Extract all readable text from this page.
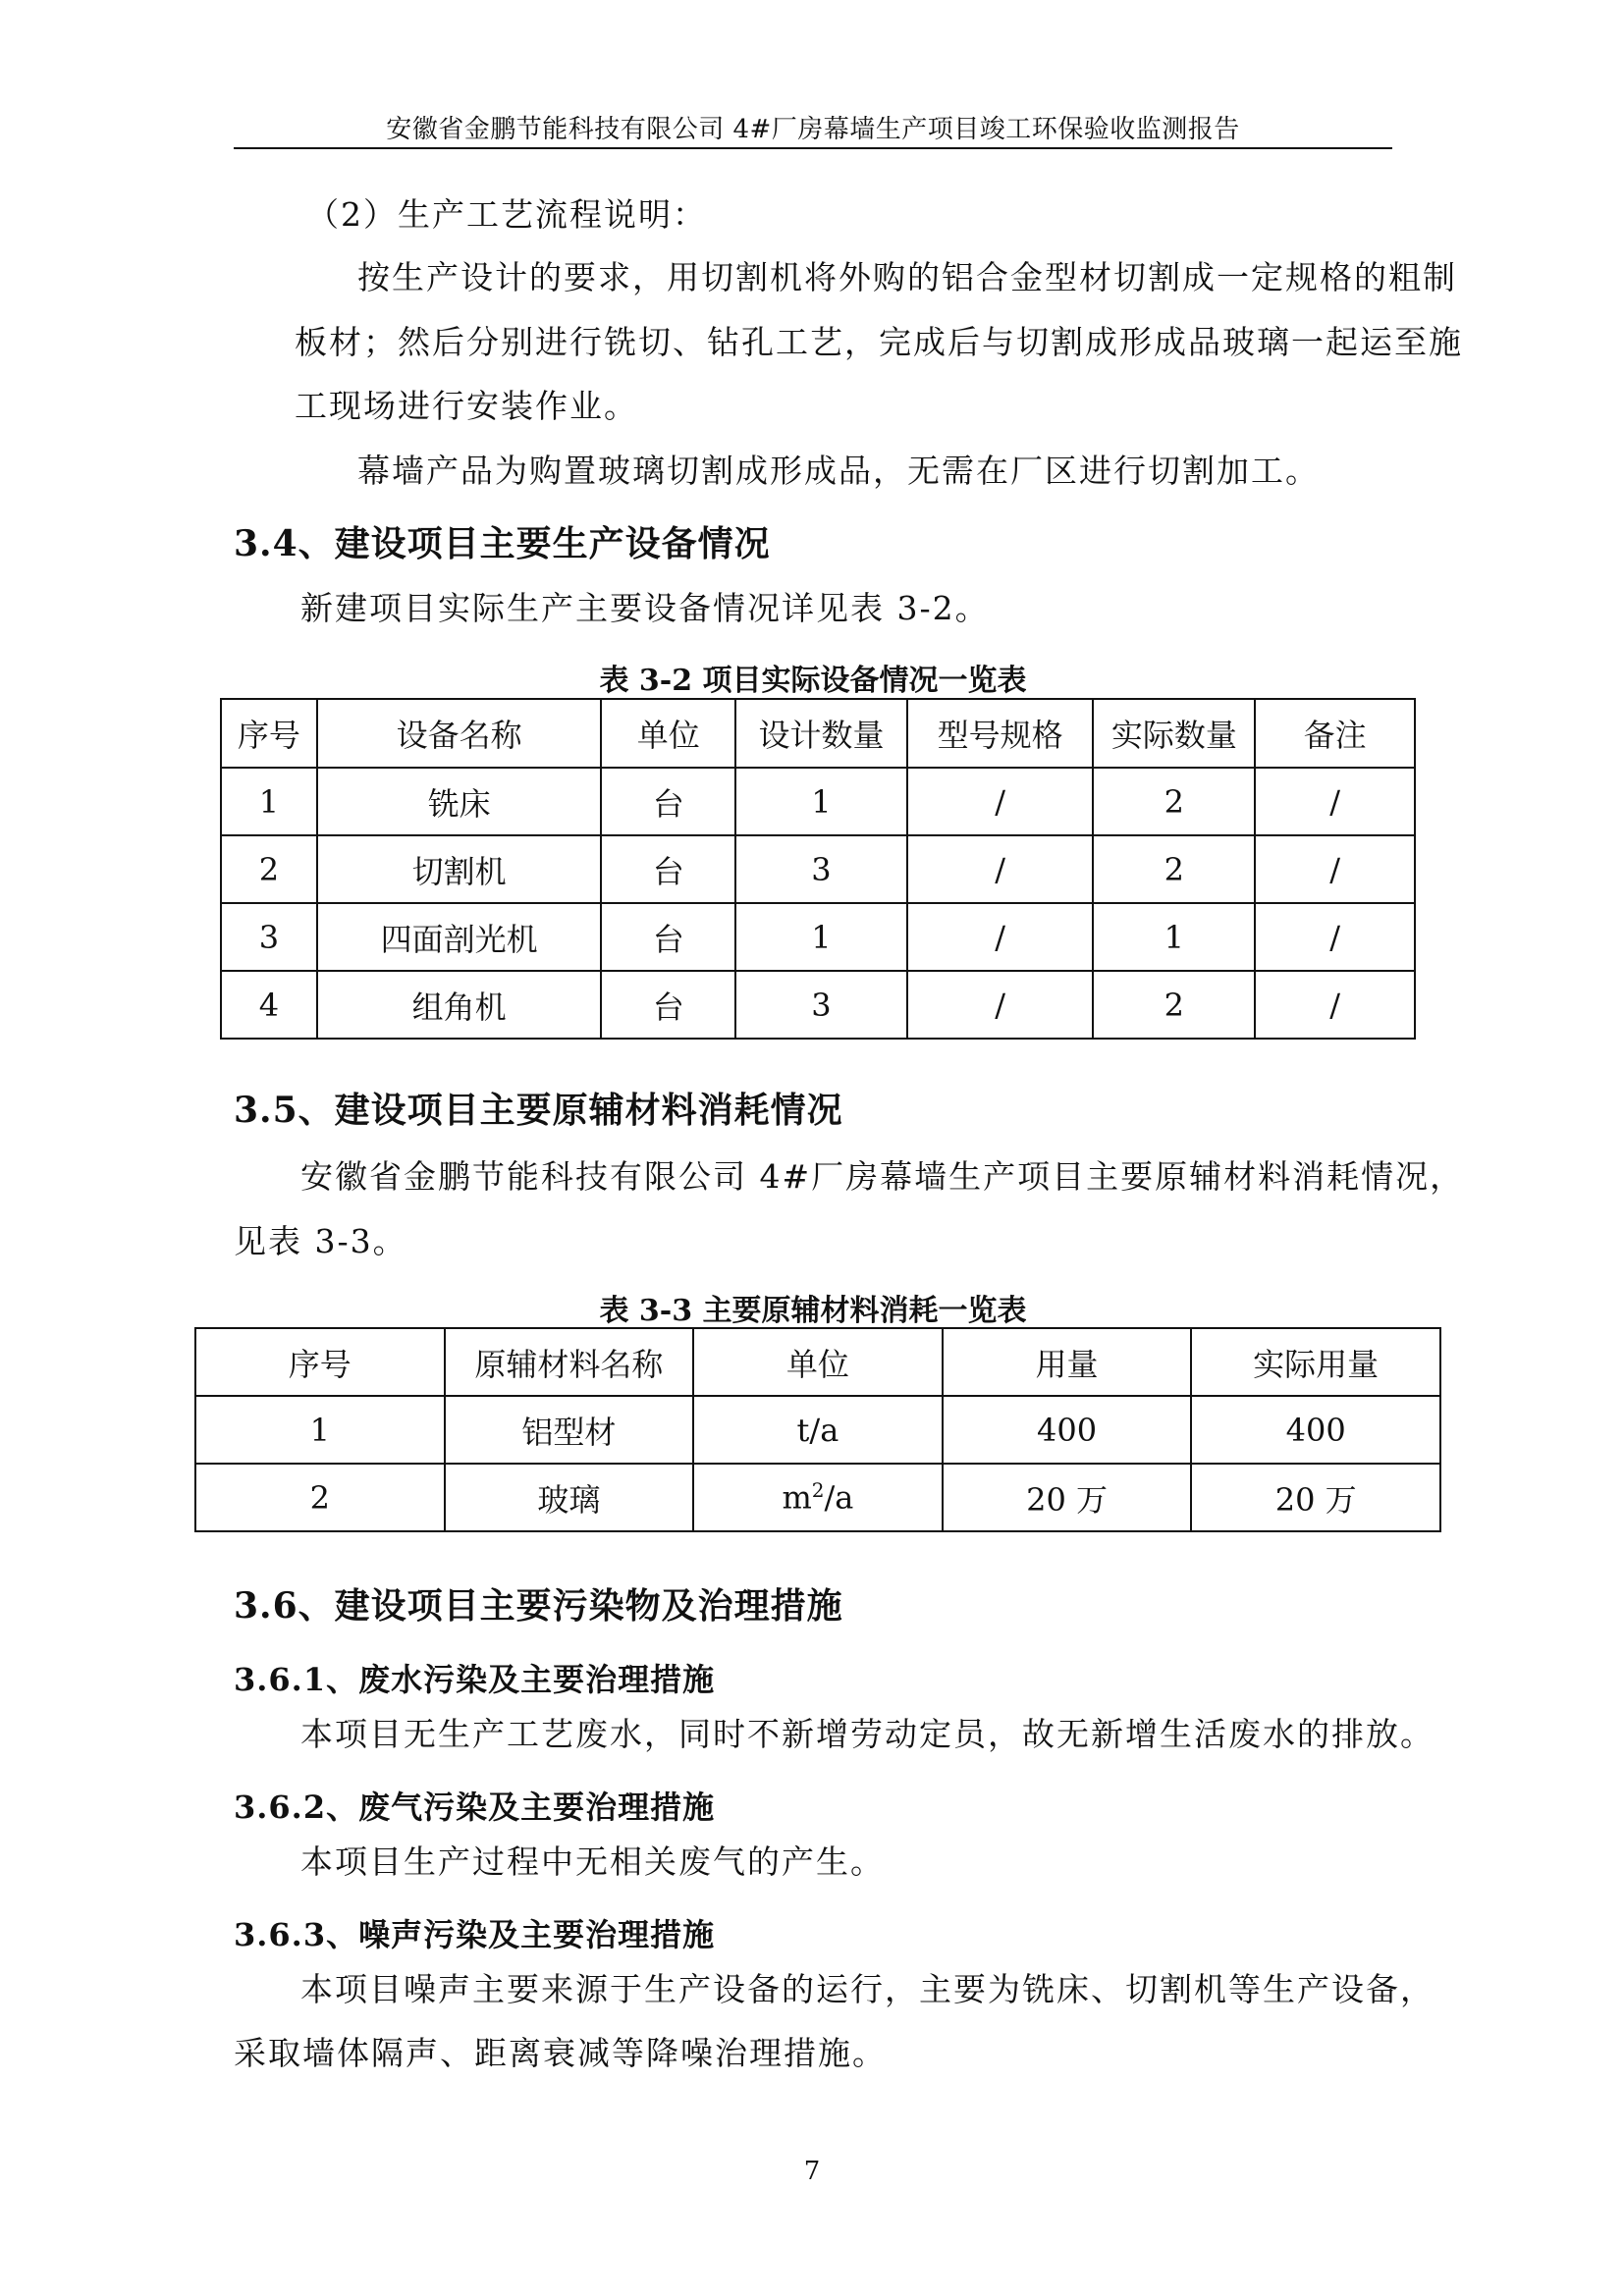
安徽省金鹏节能科技有限公司 4#厂房幕墙生产项目竣工环保验收监测报告
（2）生产工艺流程说明：
按生产设计的要求，用切割机将外购的铝合金型材切割成一定规格的粗制
板材；然后分别进行铣切、钻孔工艺，完成后与切割成形成品玻璃一起运至施
工现场进行安装作业。
幕墙产品为购置玻璃切割成形成品，无需在厂区进行切割加工。
3.4、建设项目主要生产设备情况
新建项目实际生产主要设备情况详见表 3-2。
表 3-2 项目实际设备情况一览表
序号	设备名称	单位	设计数量	型号规格	实际数量	备注
1	铣床	台	1	/	2	/
2	切割机	台	3	/	2	/
3	四面剖光机	台	1	/	1	/
4	组角机	台	3	/	2	/
3.5、建设项目主要原辅材料消耗情况
安徽省金鹏节能科技有限公司 4#厂房幕墙生产项目主要原辅材料消耗情况，
见表 3-3。
表 3-3 主要原辅材料消耗一览表
序号	原辅材料名称	单位	用量	实际用量
1	铝型材	t/a	400	400
2	玻璃	$m^2/a$	20 万	20 万
3.6、建设项目主要污染物及治理措施
3.6.1、废水污染及主要治理措施
本项目无生产工艺废水，同时不新增劳动定员，故无新增生活废水的排放。
3.6.2、废气污染及主要治理措施
本项目生产过程中无相关废气的产生。
3.6.3、噪声污染及主要治理措施
本项目噪声主要来源于生产设备的运行，主要为铣床、切割机等生产设备，
采取墙体隔声、距离衰减等降噪治理措施。
7
